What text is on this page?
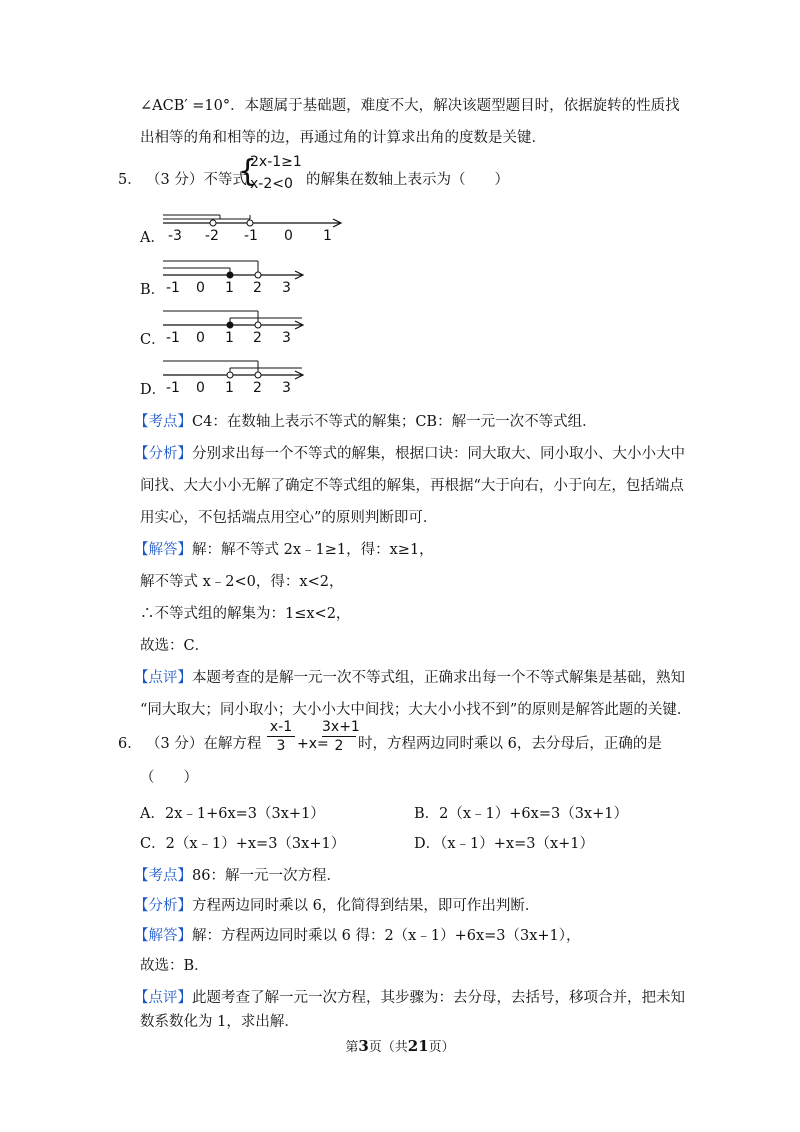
∠ACB′ =10°．本题属于基础题，难度不大，解决该题型题目时，依据旋转的性质找
出相等的角和相等的边，再通过角的计算求出角的度数是关键．
5． （3 分）不等式
{
2x-1≥1
x-2<0 的解集在数轴上表示为（　　）
A． -3 -2 -1 0 1
B． -1 0 1 2 3
C． -1 0 1 2 3
D． -1 0 1 2 3
【考点】C4：在数轴上表示不等式的解集；CB：解一元一次不等式组．
【分析】分别求出每一个不等式的解集，根据口诀：同大取大、同小取小、大小小大中
间找、大大小小无解了确定不等式组的解集，再根据“大于向右，小于向左，包括端点
用实心，不包括端点用空心”的原则判断即可．
【解答】解：解不等式 2x﹣1≥1，得：x≥1，
解不等式 x﹣2<0，得：x<2，
∴不等式组的解集为：1≤x<2，
故选：C．
【点评】本题考查的是解一元一次不等式组，正确求出每一个不等式解集是基础，熟知
“同大取大；同小取小；大小小大中间找；大大小小找不到”的原则是解答此题的关键．
6． （3 分）在解方程 $\frac{x-1}{3} +x=$
$\frac{3x+1}{2}$ 时，方程两边同时乘以 6，去分母后，正确的是
（　　）
A．2x﹣1+6x=3（3x+1）	B．2（x﹣1）+6x=3（3x+1）
C．2（x﹣1）+x=3（3x+1）	D．（x﹣1）+x=3（x+1）
【考点】86：解一元一次方程．
【分析】方程两边同时乘以 6，化简得到结果，即可作出判断．
【解答】解：方程两边同时乘以 6 得：2（x﹣1）+6x=3（3x+1），
故选：B．
【点评】此题考查了解一元一次方程，其步骤为：去分母，去括号，移项合并，把未知
数系数化为 1，求出解．
第3页（共21页）
